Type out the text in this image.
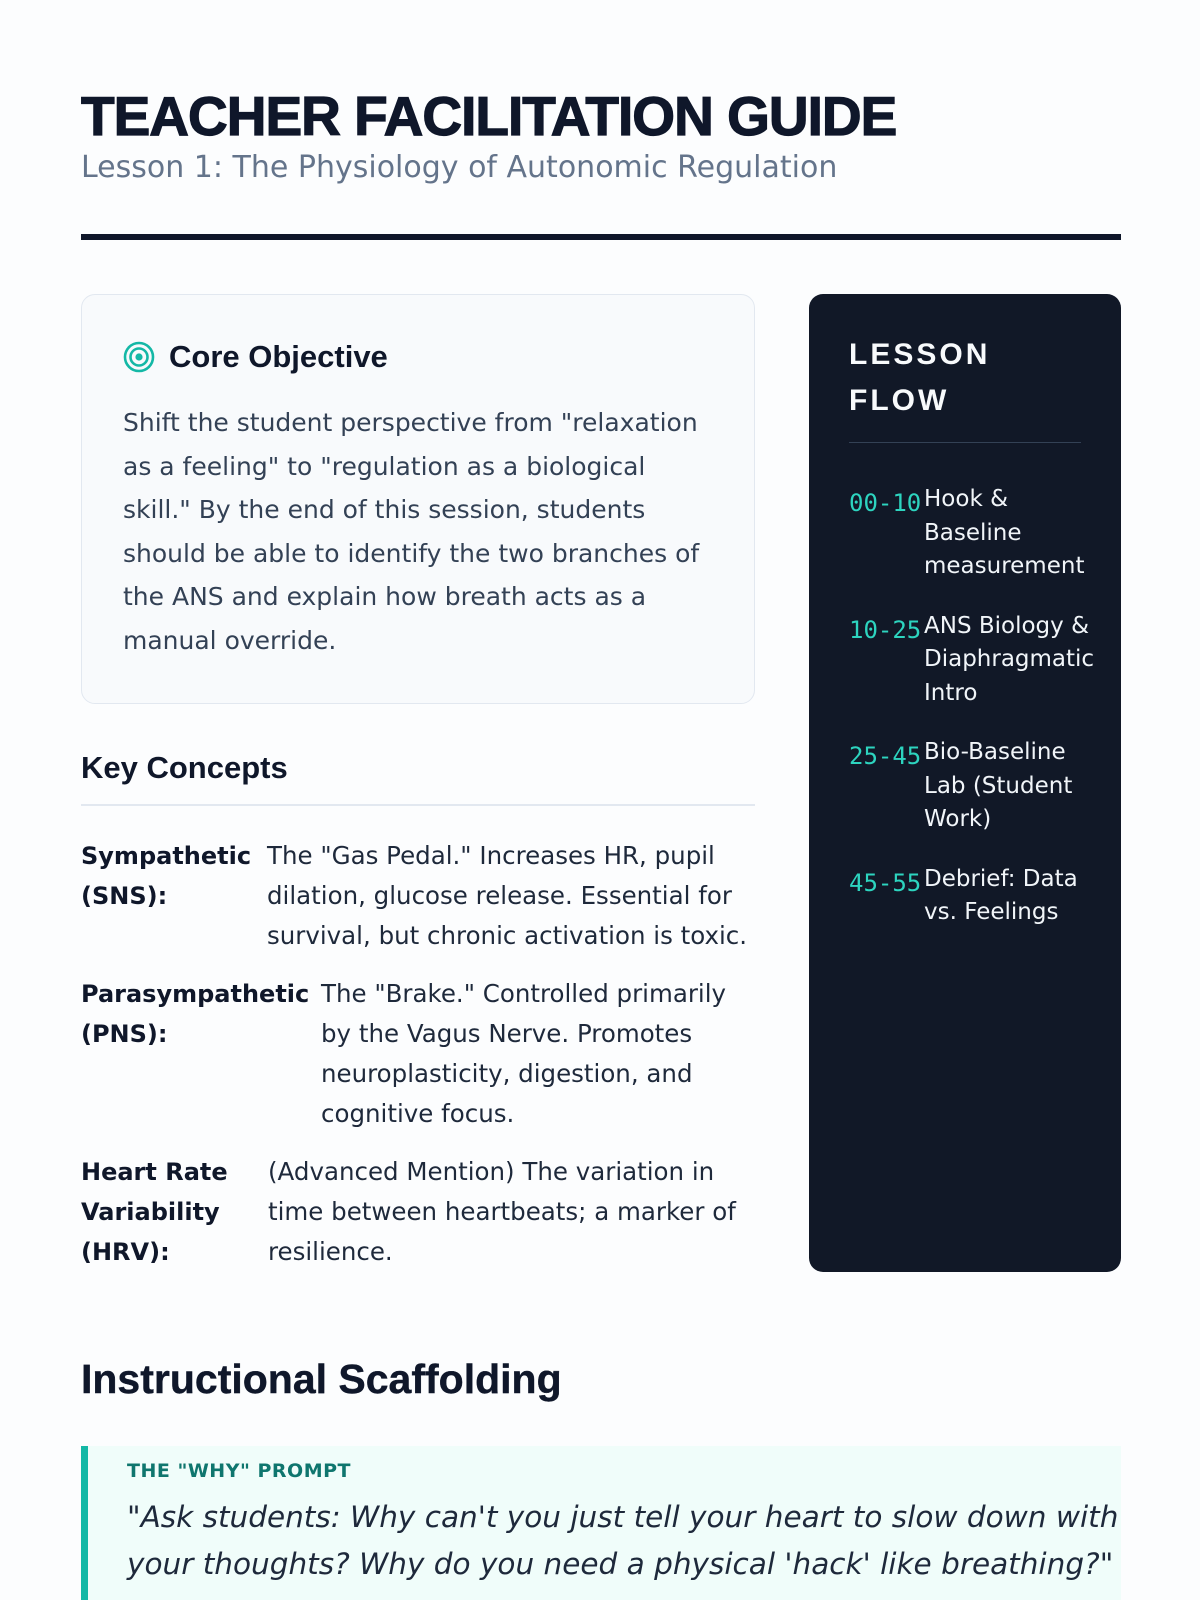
TEACHER FACILITATION GUIDE
Lesson 1: The Physiology of Autonomic Regulation
Core Objective

Shift the student perspective from "relaxation as a feeling" to "regulation as a biological skill." By the end of this session, students should be able to identify the two branches of the ANS and explain how breath acts as a manual override.

Key Concepts
Sympathetic
(SNS):
The "Gas Pedal." Increases HR, pupil dilation, glucose release. Essential for survival, but chronic activation is toxic.
Parasympathetic
(PNS):
The "Brake." Controlled primarily by the Vagus Nerve. Promotes neuroplasticity, digestion, and cognitive focus.
Heart Rate
Variability
(HRV):
(Advanced Mention) The variation in time between heartbeats; a marker of resilience.
LESSON FLOW
00-10 Hook & Baseline measurement
10-25 ANS Biology & Diaphragmatic Intro
25-45 Bio-Baseline Lab (Student Work)
45-55 Debrief: Data vs. Feelings
Instructional Scaffolding
THE "WHY" PROMPT
"Ask students: Why can't you just tell your heart to slow down with your thoughts? Why do you need a physical 'hack' like breathing?"
